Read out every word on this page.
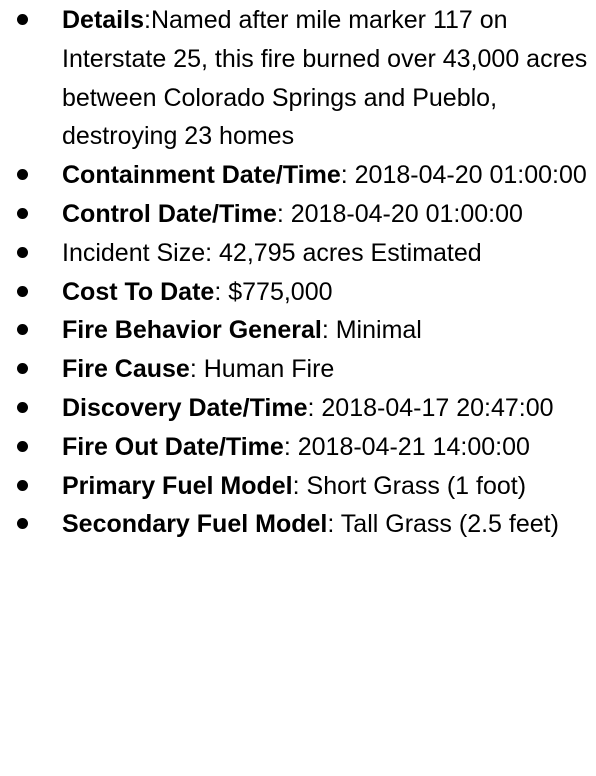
Details:Named after mile marker 117 on Interstate 25, this fire burned over 43,000 acres between Colorado Springs and Pueblo, destroying 23 homes
Containment Date/Time: 2018-04-20 01:00:00
Control Date/Time: 2018-04-20 01:00:00
Incident Size: 42,795 acres Estimated
Cost To Date: $775,000
Fire Behavior General: Minimal
Fire Cause: Human Fire
Discovery Date/Time: 2018-04-17 20:47:00
Fire Out Date/Time: 2018-04-21 14:00:00
Primary Fuel Model: Short Grass (1 foot)
Secondary Fuel Model: Tall Grass (2.5 feet)
